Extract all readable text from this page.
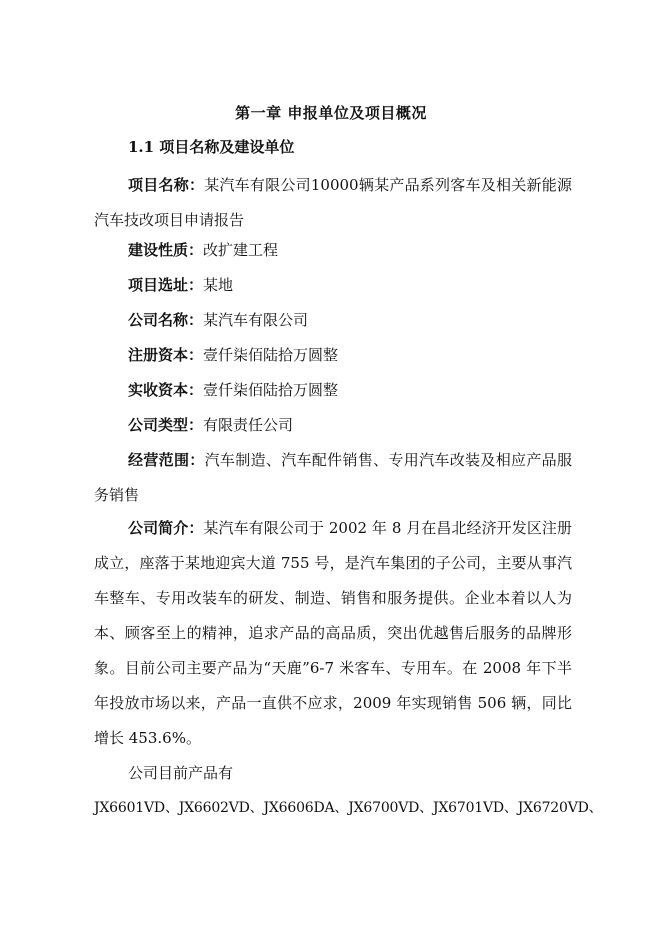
第一章 申报单位及项目概况
1.1 项目名称及建设单位
项目名称：某汽车有限公司10000辆某产品系列客车及相关新能源汽车技改项目申请报告
建设性质：改扩建工程
项目选址：某地
公司名称：某汽车有限公司
注册资本：壹仟柒佰陆拾万圆整
实收资本：壹仟柒佰陆拾万圆整
公司类型：有限责任公司
经营范围：汽车制造、汽车配件销售、专用汽车改装及相应产品服务销售
公司简介：某汽车有限公司于 2002 年 8 月在昌北经济开发区注册成立，座落于某地迎宾大道 755 号，是汽车集团的子公司，主要从事汽车整车、专用改装车的研发、制造、销售和服务提供。企业本着以人为本、顾客至上的精神，追求产品的高品质，突出优越售后服务的品牌形象。目前公司主要产品为“天鹿”6-7 米客车、专用车。在 2008 年下半年投放市场以来，产品一直供不应求，2009 年实现销售 506 辆，同比增长 453.6%。
公司目前产品有
JX6601VD、JX6602VD、JX6606DA、JX6700VD、JX6701VD、JX6720VD、
